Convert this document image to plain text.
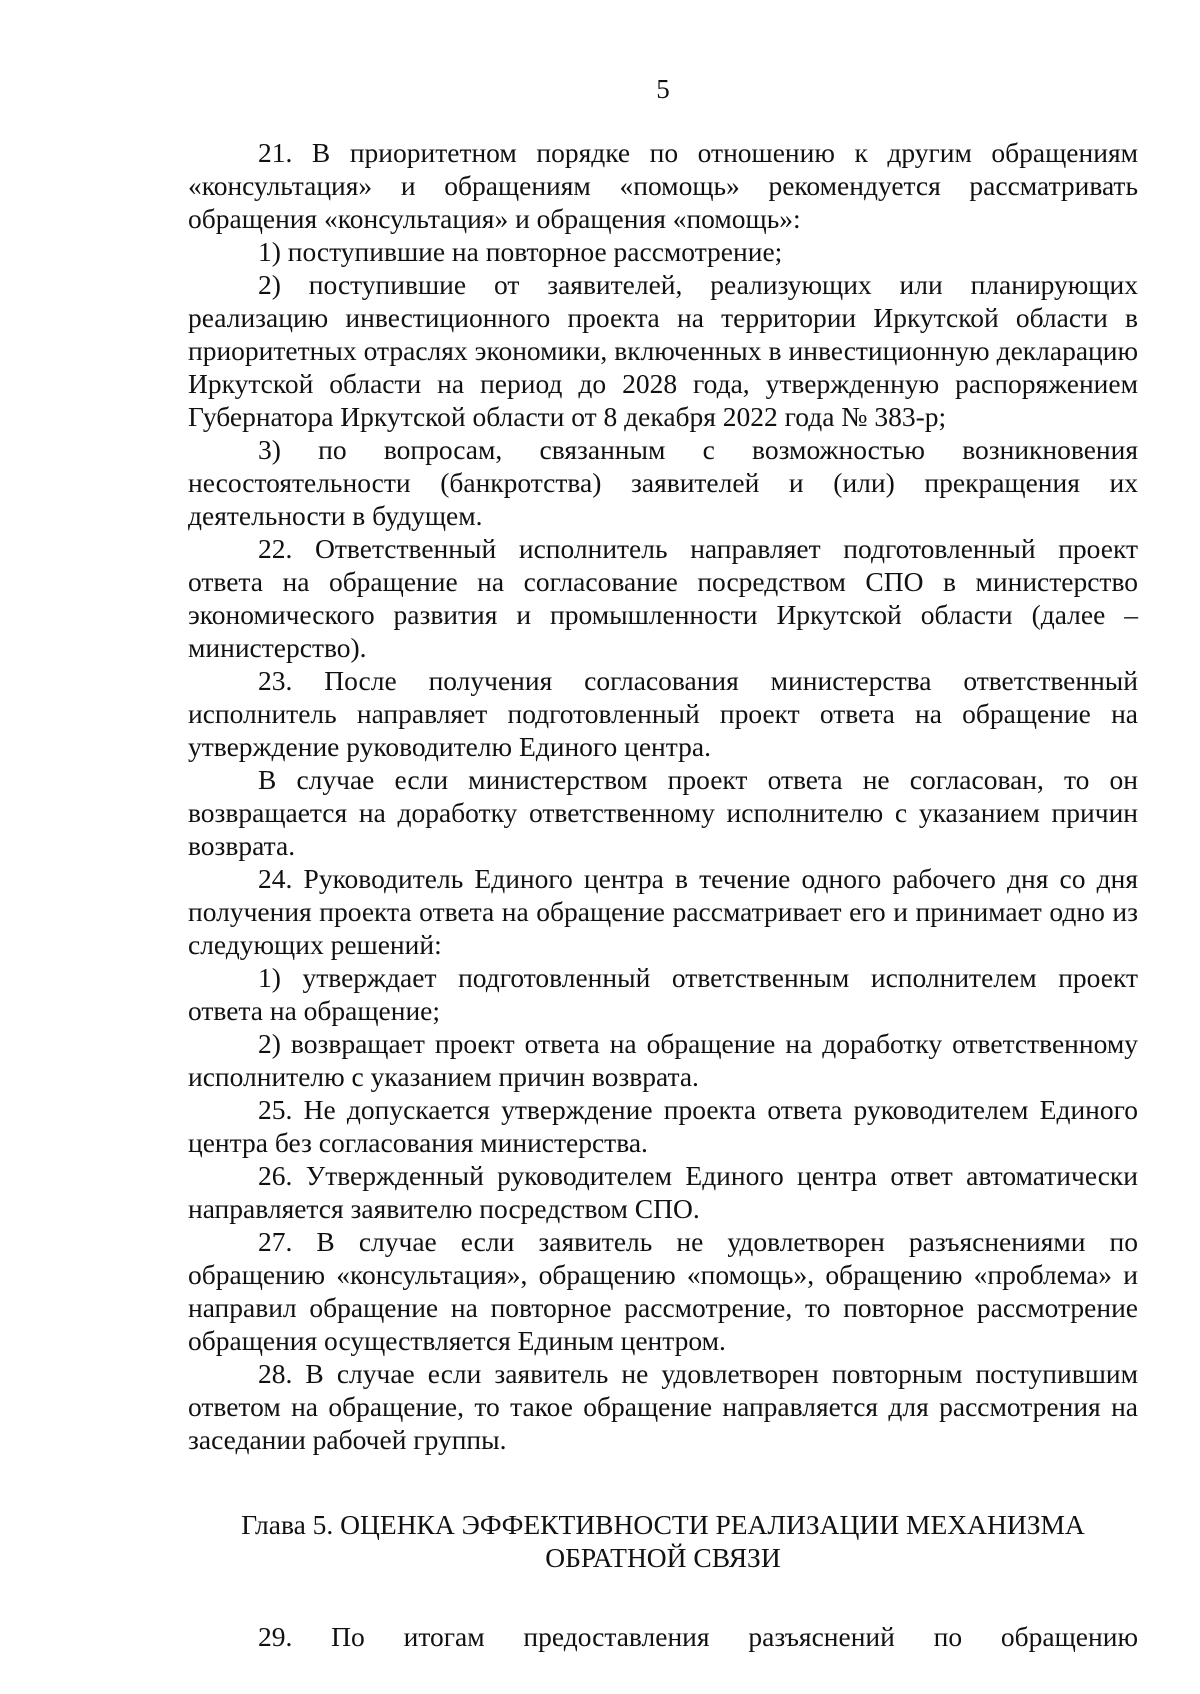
5

21. В приоритетном порядке по отношению к другим обращениям «консультация» и обращениям «помощь» рекомендуется рассматривать обращения «консультация» и обращения «помощь»:

1) поступившие на повторное рассмотрение;

2) поступившие от заявителей, реализующих или планирующих реализацию инвестиционного проекта на территории Иркутской области в приоритетных отраслях экономики, включенных в инвестиционную декларацию Иркутской области на период до 2028 года, утвержденную распоряжением Губернатора Иркутской области от 8 декабря 2022 года № 383-р;

3) по вопросам, связанным с возможностью возникновения несостоятельности (банкротства) заявителей и (или) прекращения их деятельности в будущем.

22. Ответственный исполнитель направляет подготовленный проект ответа на обращение на согласование посредством СПО в министерство экономического развития и промышленности Иркутской области (далее – министерство).

23. После получения согласования министерства ответственный исполнитель направляет подготовленный проект ответа на обращение на утверждение руководителю Единого центра.

В случае если министерством проект ответа не согласован, то он возвращается на доработку ответственному исполнителю с указанием причин возврата.

24. Руководитель Единого центра в течение одного рабочего дня со дня получения проекта ответа на обращение рассматривает его и принимает одно из следующих решений:

1) утверждает подготовленный ответственным исполнителем проект ответа на обращение;

2) возвращает проект ответа на обращение на доработку ответственному исполнителю с указанием причин возврата.

25. Не допускается утверждение проекта ответа руководителем Единого центра без согласования министерства.

26. Утвержденный руководителем Единого центра ответ автоматически направляется заявителю посредством СПО.

27. В случае если заявитель не удовлетворен разъяснениями по обращению «консультация», обращению «помощь», обращению «проблема» и направил обращение на повторное рассмотрение, то повторное рассмотрение обращения осуществляется Единым центром.

28. В случае если заявитель не удовлетворен повторным поступившим ответом на обращение, то такое обращение направляется для рассмотрения на заседании рабочей группы.

Глава 5. ОЦЕНКА ЭФФЕКТИВНОСТИ РЕАЛИЗАЦИИ МЕХАНИЗМА
ОБРАТНОЙ СВЯЗИ

29. По итогам предоставления разъяснений по обращению
